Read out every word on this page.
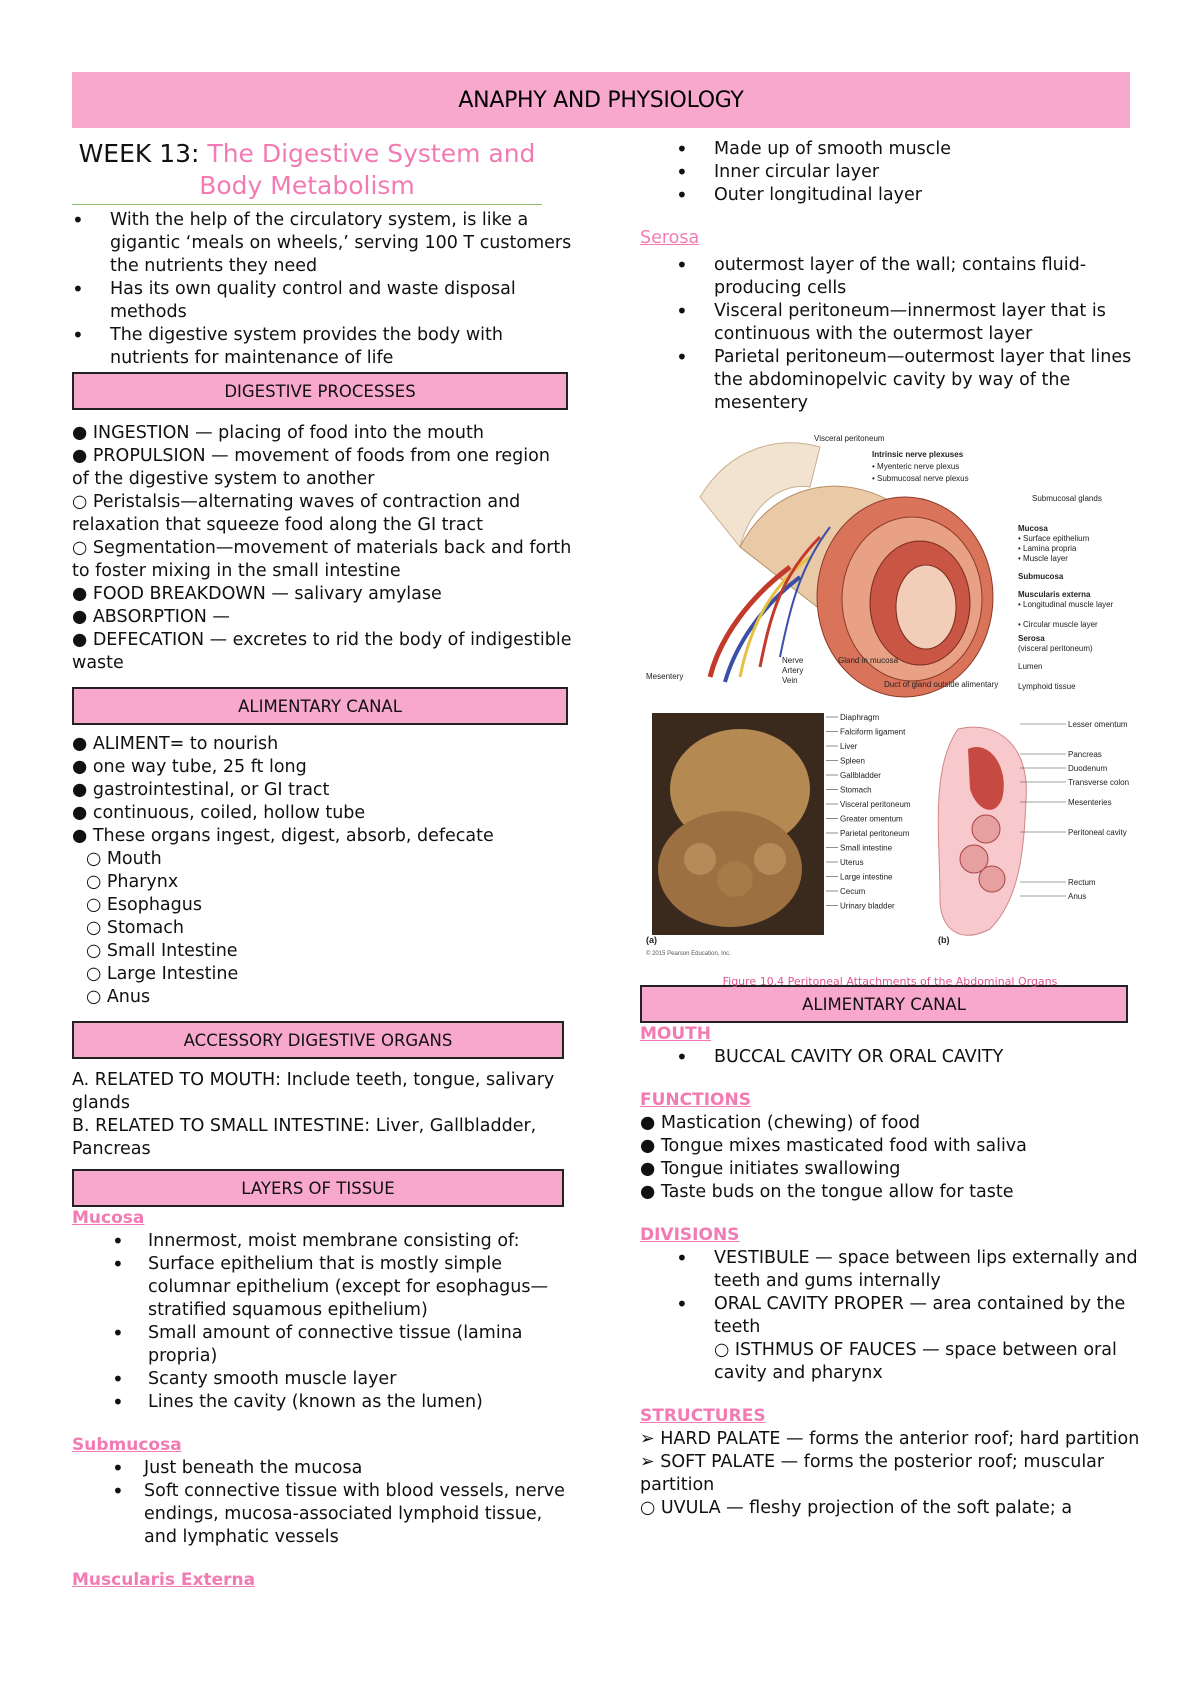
ANAPHY AND PHYSIOLOGY
WEEK 13: The Digestive System and Body Metabolism
• With the help of the circulatory system, is like a gigantic ‘meals on wheels,’ serving 100 T customers the nutrients they need
• Has its own quality control and waste disposal methods
• The digestive system provides the body with nutrients for maintenance of life
DIGESTIVE PROCESSES

● INGESTION — placing of food into the mouth

● PROPULSION — movement of foods from one region of the digestive system to another

○ Peristalsis—alternating waves of contraction and relaxation that squeeze food along the GI tract

○ Segmentation—movement of materials back and forth to foster mixing in the small intestine

● FOOD BREAKDOWN — salivary amylase

● ABSORPTION —

● DEFECATION — excretes to rid the body of indigestible waste

ALIMENTARY CANAL

● ALIMENT= to nourish

● one way tube, 25 ft long

● gastrointestinal, or GI tract

● continuous, coiled, hollow tube

● These organs ingest, digest, absorb, defecate

○ Mouth

○ Pharynx

○ Esophagus

○ Stomach

○ Small Intestine

○ Large Intestine

○ Anus

ACCESSORY DIGESTIVE ORGANS

A. RELATED TO MOUTH: Include teeth, tongue, salivary glands

B. RELATED TO SMALL INTESTINE: Liver, Gallbladder, Pancreas

LAYERS OF TISSUE
Mucosa
• Innermost, moist membrane consisting of:
• Surface epithelium that is mostly simple columnar epithelium (except for esophagus—stratified squamous epithelium)
• Small amount of connective tissue (lamina propria)
• Scanty smooth muscle layer
• Lines the cavity (known as the lumen)
Submucosa
• Just beneath the mucosa
• Soft connective tissue with blood vessels, nerve endings, mucosa-associated lymphoid tissue, and lymphatic vessels
Muscularis Externa
• Made up of smooth muscle
• Inner circular layer
• Outer longitudinal layer
Serosa
• outermost layer of the wall; contains fluid-producing cells
• Visceral peritoneum—innermost layer that is continuous with the outermost layer
• Parietal peritoneum—outermost layer that lines the abdominopelvic cavity by way of the mesentery
Visceral peritoneum
Intrinsic nerve plexuses
• Myenteric nerve plexus
• Submucosal nerve plexus
Submucosal glands
Mucosa
• Surface epithelium
• Lamina propria
• Muscle layer
Submucosa
Muscularis externa
• Longitudinal muscle layer
• Circular muscle layer
Serosa
(visceral peritoneum)
Lumen
Lymphoid tissue
Nerve
Artery
Vein
Gland in mucosa
Duct of gland outside alimentary
Mesentery
Diaphragm
Falciform ligament
Liver
Spleen
Gallbladder
Stomach
Visceral peritoneum
Greater omentum
Parietal peritoneum
Small intestine
Uterus
Large intestine
Cecum
Urinary bladder
Lesser omentum
Pancreas
Duodenum
Transverse colon
Mesenteries
Peritoneal cavity
Rectum
Anus
(a)	(b)
© 2015 Pearson Education, Inc.
Figure 10.4 Peritoneal Attachments of the Abdominal Organs
ALIMENTARY CANAL
MOUTH
• BUCCAL CAVITY OR ORAL CAVITY
FUNCTIONS

● Mastication (chewing) of food

● Tongue mixes masticated food with saliva

● Tongue initiates swallowing

● Taste buds on the tongue allow for taste

DIVISIONS
• VESTIBULE — space between lips externally and teeth and gums internally
• ORAL CAVITY PROPER — area contained by the teeth
○ ISTHMUS OF FAUCES — space between oral cavity and pharynx
STRUCTURES

➢ HARD PALATE — forms the anterior roof; hard partition

➢ SOFT PALATE — forms the posterior roof; muscular partition

○ UVULA — fleshy projection of the soft palate; a
